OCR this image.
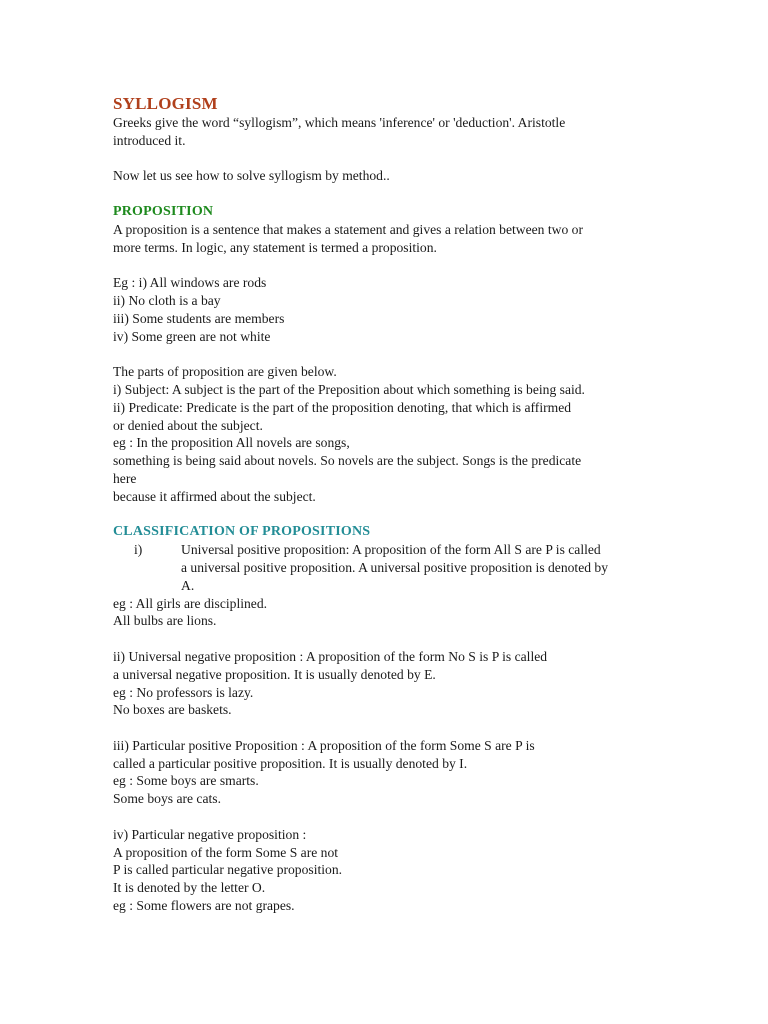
SYLLOGISM
Greeks give the word “syllogism”, which means 'inference' or 'deduction'. Aristotle
introduced it.
Now let us see how to solve syllogism by method..
PROPOSITION
A proposition is a sentence that makes a statement and gives a relation between two or
more terms. In logic, any statement is termed a proposition.
Eg : i) All windows are rods
ii) No cloth is a bay
iii) Some students are members
iv) Some green are not white
The parts of proposition are given below.
i) Subject: A subject is the part of the Preposition about which something is being said.
ii) Predicate: Predicate is the part of the proposition denoting, that which is affirmed
or denied about the subject.
eg : In the proposition All novels are songs,
something is being said about novels. So novels are the subject. Songs is the predicate
here
because it affirmed about the subject.
CLASSIFICATION OF PROPOSITIONS
i)	Universal positive proposition: A proposition of the form All S are P is called
a universal positive proposition. A universal positive proposition is denoted by
A.
eg : All girls are disciplined.
All bulbs are lions.
ii) Universal negative proposition : A proposition of the form No S is P is called
a universal negative proposition. It is usually denoted by E.
eg : No professors is lazy.
No boxes are baskets.
iii) Particular positive Proposition : A proposition of the form Some S are P is
called a particular positive proposition. It is usually denoted by I.
eg : Some boys are smarts.
Some boys are cats.
iv) Particular negative proposition :
A proposition of the form Some S are not
P is called particular negative proposition.
It is denoted by the letter O.
eg : Some flowers are not grapes.
